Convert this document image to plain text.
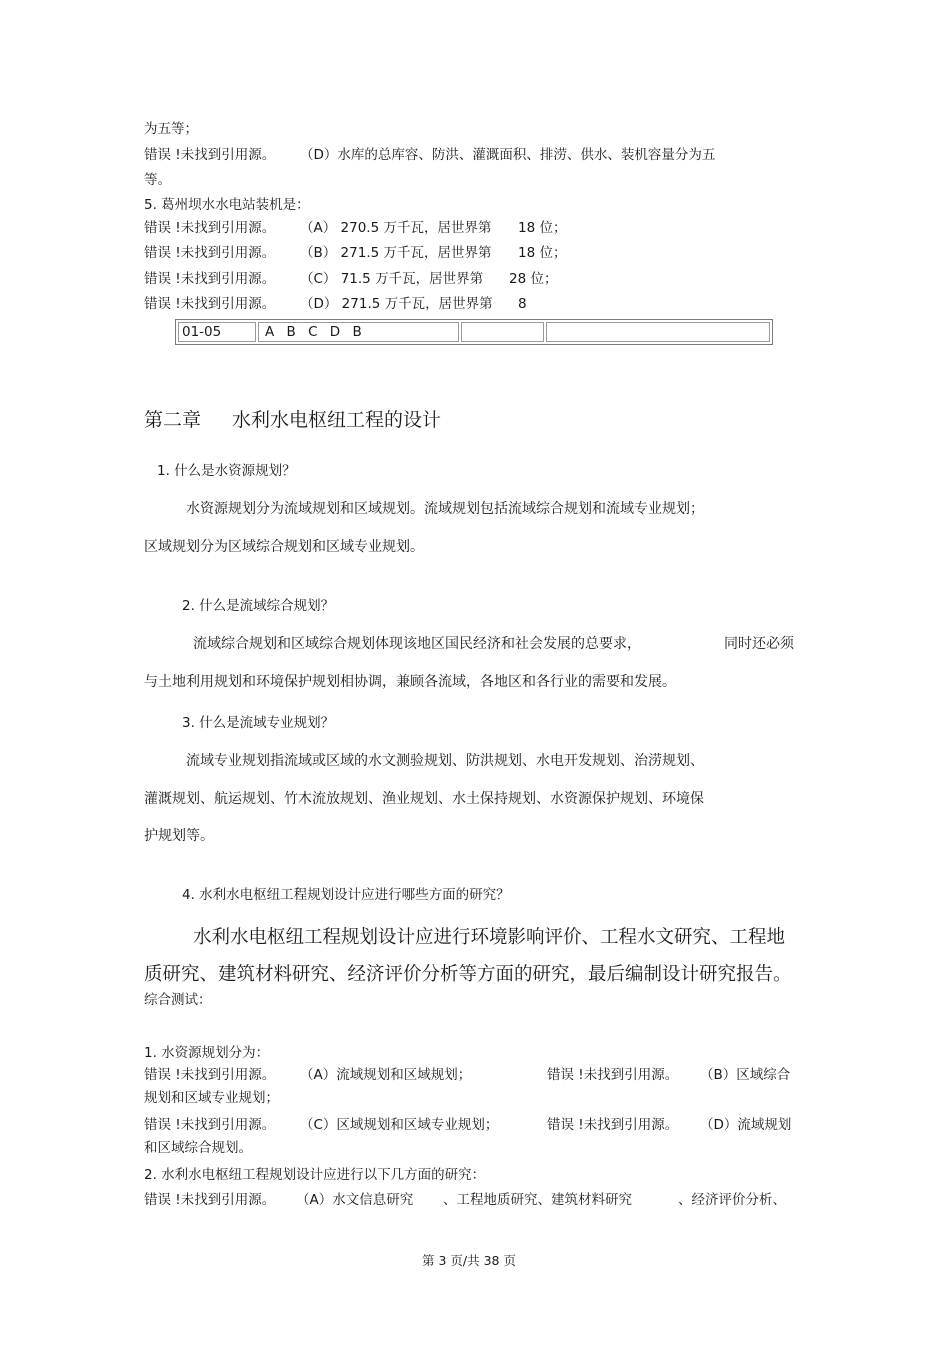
为五等；

错误 !未找到引用源。 （D）水库的总库容、防洪、灌溉面积、排涝、供水、装机容量分为五

等。

5. 葛州坝水水电站装机是：

错误 !未找到引用源。 （A） 270.5 万千瓦，居世界第 18 位；

错误 !未找到引用源。 （B） 271.5 万千瓦，居世界第 18 位；

错误 !未找到引用源。 （C） 71.5 万千瓦，居世界第 28 位；

错误 !未找到引用源。 （D） 271.5 万千瓦，居世界第 8

01-05	A B C D B		

第二章 水利水电枢纽工程的设计

1. 什么是水资源规划？

水资源规划分为流域规划和区域规划。流域规划包括流域综合规划和流域专业规划；

区域规划分为区域综合规划和区域专业规划。

2. 什么是流域综合规划？

流域综合规划和区域综合规划体现该地区国民经济和社会发展的总要求，	同时还必须

与土地利用规划和环境保护规划相协调，兼顾各流域，各地区和各行业的需要和发展。

3. 什么是流域专业规划？

流域专业规划指流域或区域的水文测验规划、防洪规划、水电开发规划、治涝规划、

灌溉规划、航运规划、竹木流放规划、渔业规划、水土保持规划、水资源保护规划、环境保

护规划等。

4. 水利水电枢纽工程规划设计应进行哪些方面的研究？

水利水电枢纽工程规划设计应进行环境影响评价、工程水文研究、工程地

质研究、建筑材料研究、经济评价分析等方面的研究，最后编制设计研究报告。

综合测试：

1. 水资源规划分为：

错误 !未找到引用源。 （A）流域规划和区域规划；	错误 !未找到引用源。 （B）区域综合

规划和区域专业规划；

错误 !未找到引用源。 （C）区域规划和区域专业规划；	错误 !未找到引用源。 （D）流域规划

和区域综合规划。

2. 水利水电枢纽工程规划设计应进行以下几方面的研究：

错误 !未找到引用源。 （A）水文信息研究 、工程地质研究、建筑材料研究	、经济评价分析、

第 3 页/共 38 页
